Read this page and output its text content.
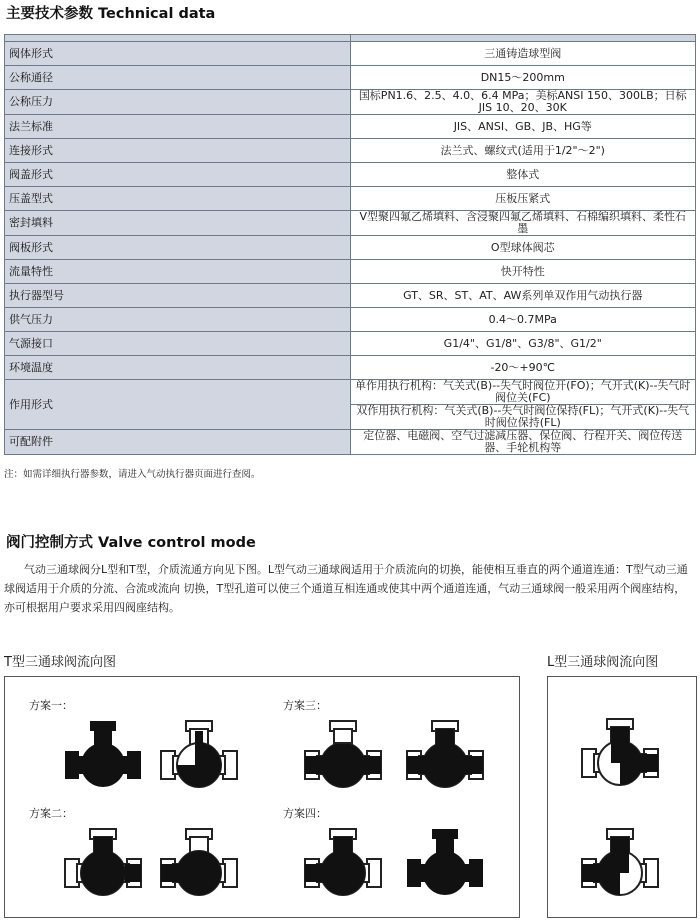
主要技术参数 Technical data

阀体形式	三通铸造球型阀
公称通径	DN15～200mm
公称压力	国标PN1.6、2.5、4.0、6.4 MPa；美标ANSI 150、300LB；日标JIS 10、20、30K
法兰标准	JIS、ANSI、GB、JB、HG等
连接形式	法兰式、螺纹式(适用于1/2"～2")
阀盖形式	整体式
压盖型式	压板压紧式
密封填料	V型聚四氟乙烯填料、含浸聚四氟乙烯填料、石棉编织填料、柔性石墨
阀板形式	O型球体阀芯
流量特性	快开特性
执行器型号	GT、SR、ST、AT、AW系列单双作用气动执行器
供气压力	0.4～0.7MPa
气源接口	G1/4"、G1/8"、G3/8"、G1/2"
环境温度	-20～+90℃
作用形式	单作用执行机构：气关式(B)--失气时阀位开(FO)；气开式(K)--失气时阀位关(FC)
	双作用执行机构：气关式(B)--失气时阀位保持(FL)；气开式(K)--失气时阀位保持(FL)
可配附件	定位器、电磁阀、空气过滤减压器、保位阀、行程开关、阀位传送器、手轮机构等
注：如需详细执行器参数，请进入气动执行器页面进行查阅。
阀门控制方式 Valve control mode
气动三通球阀分L型和T型，介质流通方向见下图。L型气动三通球阀适用于介质流向的切换，能使相互垂直的两个通道连通：T型气动三通球阀适用于介质的分流、合流或流向 切换，T型孔道可以使三个通道互相连通或使其中两个通道连通，气动三通球阀一般采用两个阀座结构，亦可根据用户要求采用四阀座结构。
T型三通球阀流向图	L型三通球阀流向图
方案一：
方案二：
方案三：
方案四：
